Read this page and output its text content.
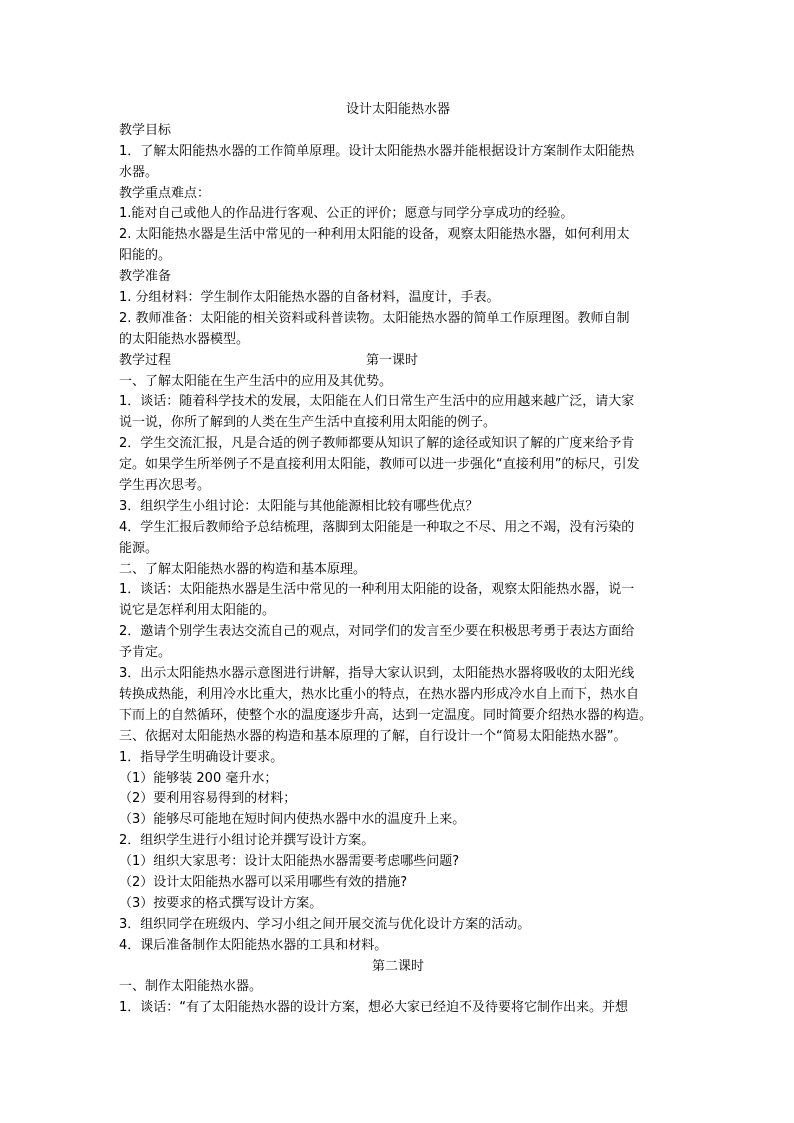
设计太阳能热水器
教学目标
1．了解太阳能热水器的工作简单原理。设计太阳能热水器并能根据设计方案制作太阳能热
水器。
教学重点难点：
1.能对自己或他人的作品进行客观、公正的评价；愿意与同学分享成功的经验。
2. 太阳能热水器是生活中常见的一种利用太阳能的设备，观察太阳能热水器，如何利用太
阳能的。
教学准备
1. 分组材料：学生制作太阳能热水器的自备材料，温度计，手表。
2. 教师准备：太阳能的相关资料或科普读物。太阳能热水器的简单工作原理图。教师自制
的太阳能热水器模型。
教学过程	第一课时
一、了解太阳能在生产生活中的应用及其优势。
1．谈话：随着科学技术的发展，太阳能在人们日常生产生活中的应用越来越广泛，请大家
说一说，你所了解到的人类在生产生活中直接利用太阳能的例子。
2．学生交流汇报，凡是合适的例子教师都要从知识了解的途径或知识了解的广度来给予肯
定。如果学生所举例子不是直接利用太阳能，教师可以进一步强化“直接利用”的标尺，引发
学生再次思考。
3．组织学生小组讨论：太阳能与其他能源相比较有哪些优点？
4．学生汇报后教师给予总结梳理，落脚到太阳能是一种取之不尽、用之不竭，没有污染的
能源。
二、了解太阳能热水器的构造和基本原理。
1．谈话：太阳能热水器是生活中常见的一种利用太阳能的设备，观察太阳能热水器，说一
说它是怎样利用太阳能的。
2．邀请个别学生表达交流自己的观点，对同学们的发言至少要在积极思考勇于表达方面给
予肯定。
3．出示太阳能热水器示意图进行讲解，指导大家认识到，太阳能热水器将吸收的太阳光线
转换成热能，利用冷水比重大，热水比重小的特点，在热水器内形成冷水自上而下，热水自
下而上的自然循环，使整个水的温度逐步升高，达到一定温度。同时简要介绍热水器的构造。
三、依据对太阳能热水器的构造和基本原理的了解，自行设计一个“简易太阳能热水器”。
1．指导学生明确设计要求。
（1）能够装 200 毫升水；
（2）要利用容易得到的材料；
（3）能够尽可能地在短时间内使热水器中水的温度升上来。
2．组织学生进行小组讨论并撰写设计方案。
（1）组织大家思考：设计太阳能热水器需要考虑哪些问题?
（2）设计太阳能热水器可以采用哪些有效的措施?
（3）按要求的格式撰写设计方案。
3．组织同学在班级内、学习小组之间开展交流与优化设计方案的活动。
4．课后准备制作太阳能热水器的工具和材料。
第二课时
一、制作太阳能热水器。
1．谈话：“有了太阳能热水器的设计方案，想必大家已经迫不及待要将它制作出来。并想
